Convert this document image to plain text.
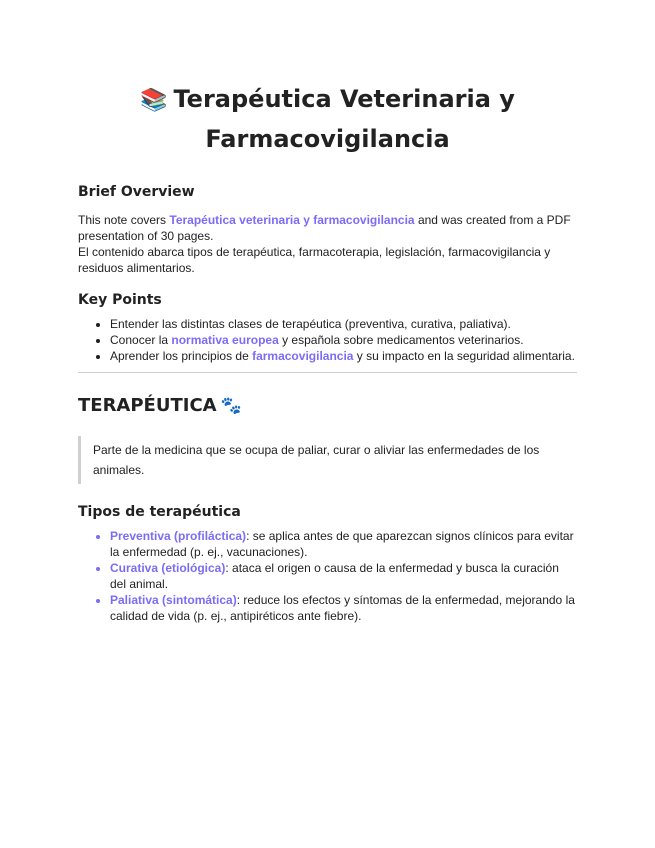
📚 Terapéutica Veterinaria y
Farmacovigilancia
Brief Overview

This note covers Terapéutica veterinaria y farmacovigilancia and was created from a PDF presentation of 30 pages.

El contenido abarca tipos de terapéutica, farmacoterapia, legislación, farmacovigilancia y residuos alimentarios.

Key Points
• Entender las distintas clases de terapéutica (preventiva, curativa, paliativa).
• Conocer la normativa europea y española sobre medicamentos veterinarios.
• Aprender los principios de farmacovigilancia y su impacto en la seguridad alimentaria.
TERAPÉUTICA 🐾

Parte de la medicina que se ocupa de paliar, curar o aliviar las enfermedades de los animales.

Tipos de terapéutica
• Preventiva (profiláctica): se aplica antes de que aparezcan signos clínicos para evitar la enfermedad (p. ej., vacunaciones).
• Curativa (etiológica): ataca el origen o causa de la enfermedad y busca la curación del animal.
• Paliativa (sintomática): reduce los efectos y síntomas de la enfermedad, mejorando la calidad de vida (p. ej., antipiréticos ante fiebre).
